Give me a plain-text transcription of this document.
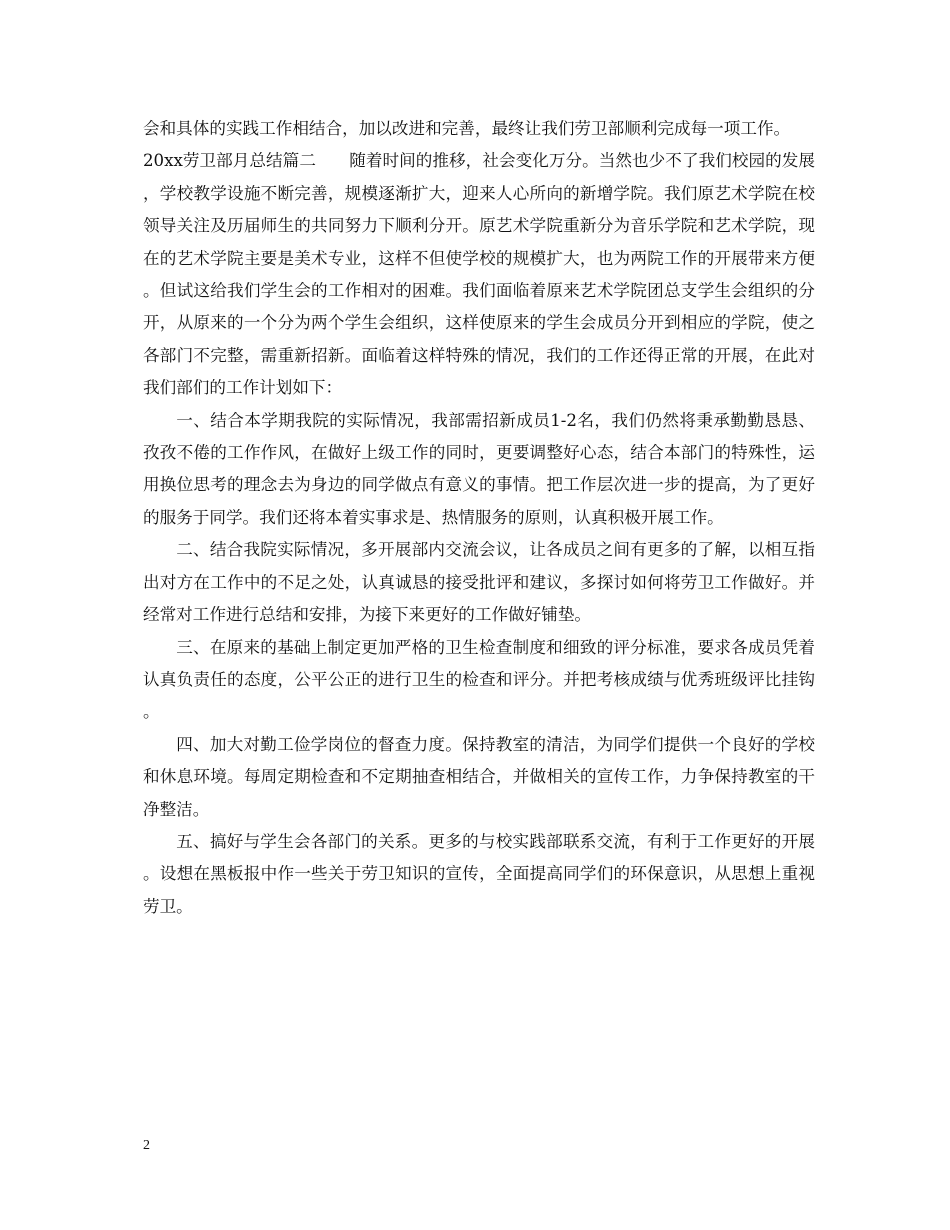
会和具体的实践工作相结合，加以改进和完善，最终让我们劳卫部顺利完成每一项工作。

20xx劳卫部月总结篇二　　随着时间的推移，社会变化万分。当然也少不了我们校园的发展，学校教学设施不断完善，规模逐渐扩大，迎来人心所向的新增学院。我们原艺术学院在校领导关注及历届师生的共同努力下顺利分开。原艺术学院重新分为音乐学院和艺术学院，现在的艺术学院主要是美术专业，这样不但使学校的规模扩大，也为两院工作的开展带来方便。但试这给我们学生会的工作相对的困难。我们面临着原来艺术学院团总支学生会组织的分开，从原来的一个分为两个学生会组织，这样使原来的学生会成员分开到相应的学院，使之各部门不完整，需重新招新。面临着这样特殊的情况，我们的工作还得正常的开展，在此对我们部们的工作计划如下：

一、结合本学期我院的实际情况，我部需招新成员1-2名，我们仍然将秉承勤勤恳恳、孜孜不倦的工作作风，在做好上级工作的同时，更要调整好心态，结合本部门的特殊性，运用换位思考的理念去为身边的同学做点有意义的事情。把工作层次进一步的提高，为了更好的服务于同学。我们还将本着实事求是、热情服务的原则，认真积极开展工作。

二、结合我院实际情况，多开展部内交流会议，让各成员之间有更多的了解，以相互指出对方在工作中的不足之处，认真诚恳的接受批评和建议，多探讨如何将劳卫工作做好。并经常对工作进行总结和安排，为接下来更好的工作做好铺垫。

三、在原来的基础上制定更加严格的卫生检查制度和细致的评分标准，要求各成员凭着认真负责任的态度，公平公正的进行卫生的检查和评分。并把考核成绩与优秀班级评比挂钩。

四、加大对勤工俭学岗位的督查力度。保持教室的清洁，为同学们提供一个良好的学校和休息环境。每周定期检查和不定期抽查相结合，并做相关的宣传工作，力争保持教室的干净整洁。

五、搞好与学生会各部门的关系。更多的与校实践部联系交流，有利于工作更好的开展。设想在黑板报中作一些关于劳卫知识的宣传，全面提高同学们的环保意识，从思想上重视劳卫。

2
